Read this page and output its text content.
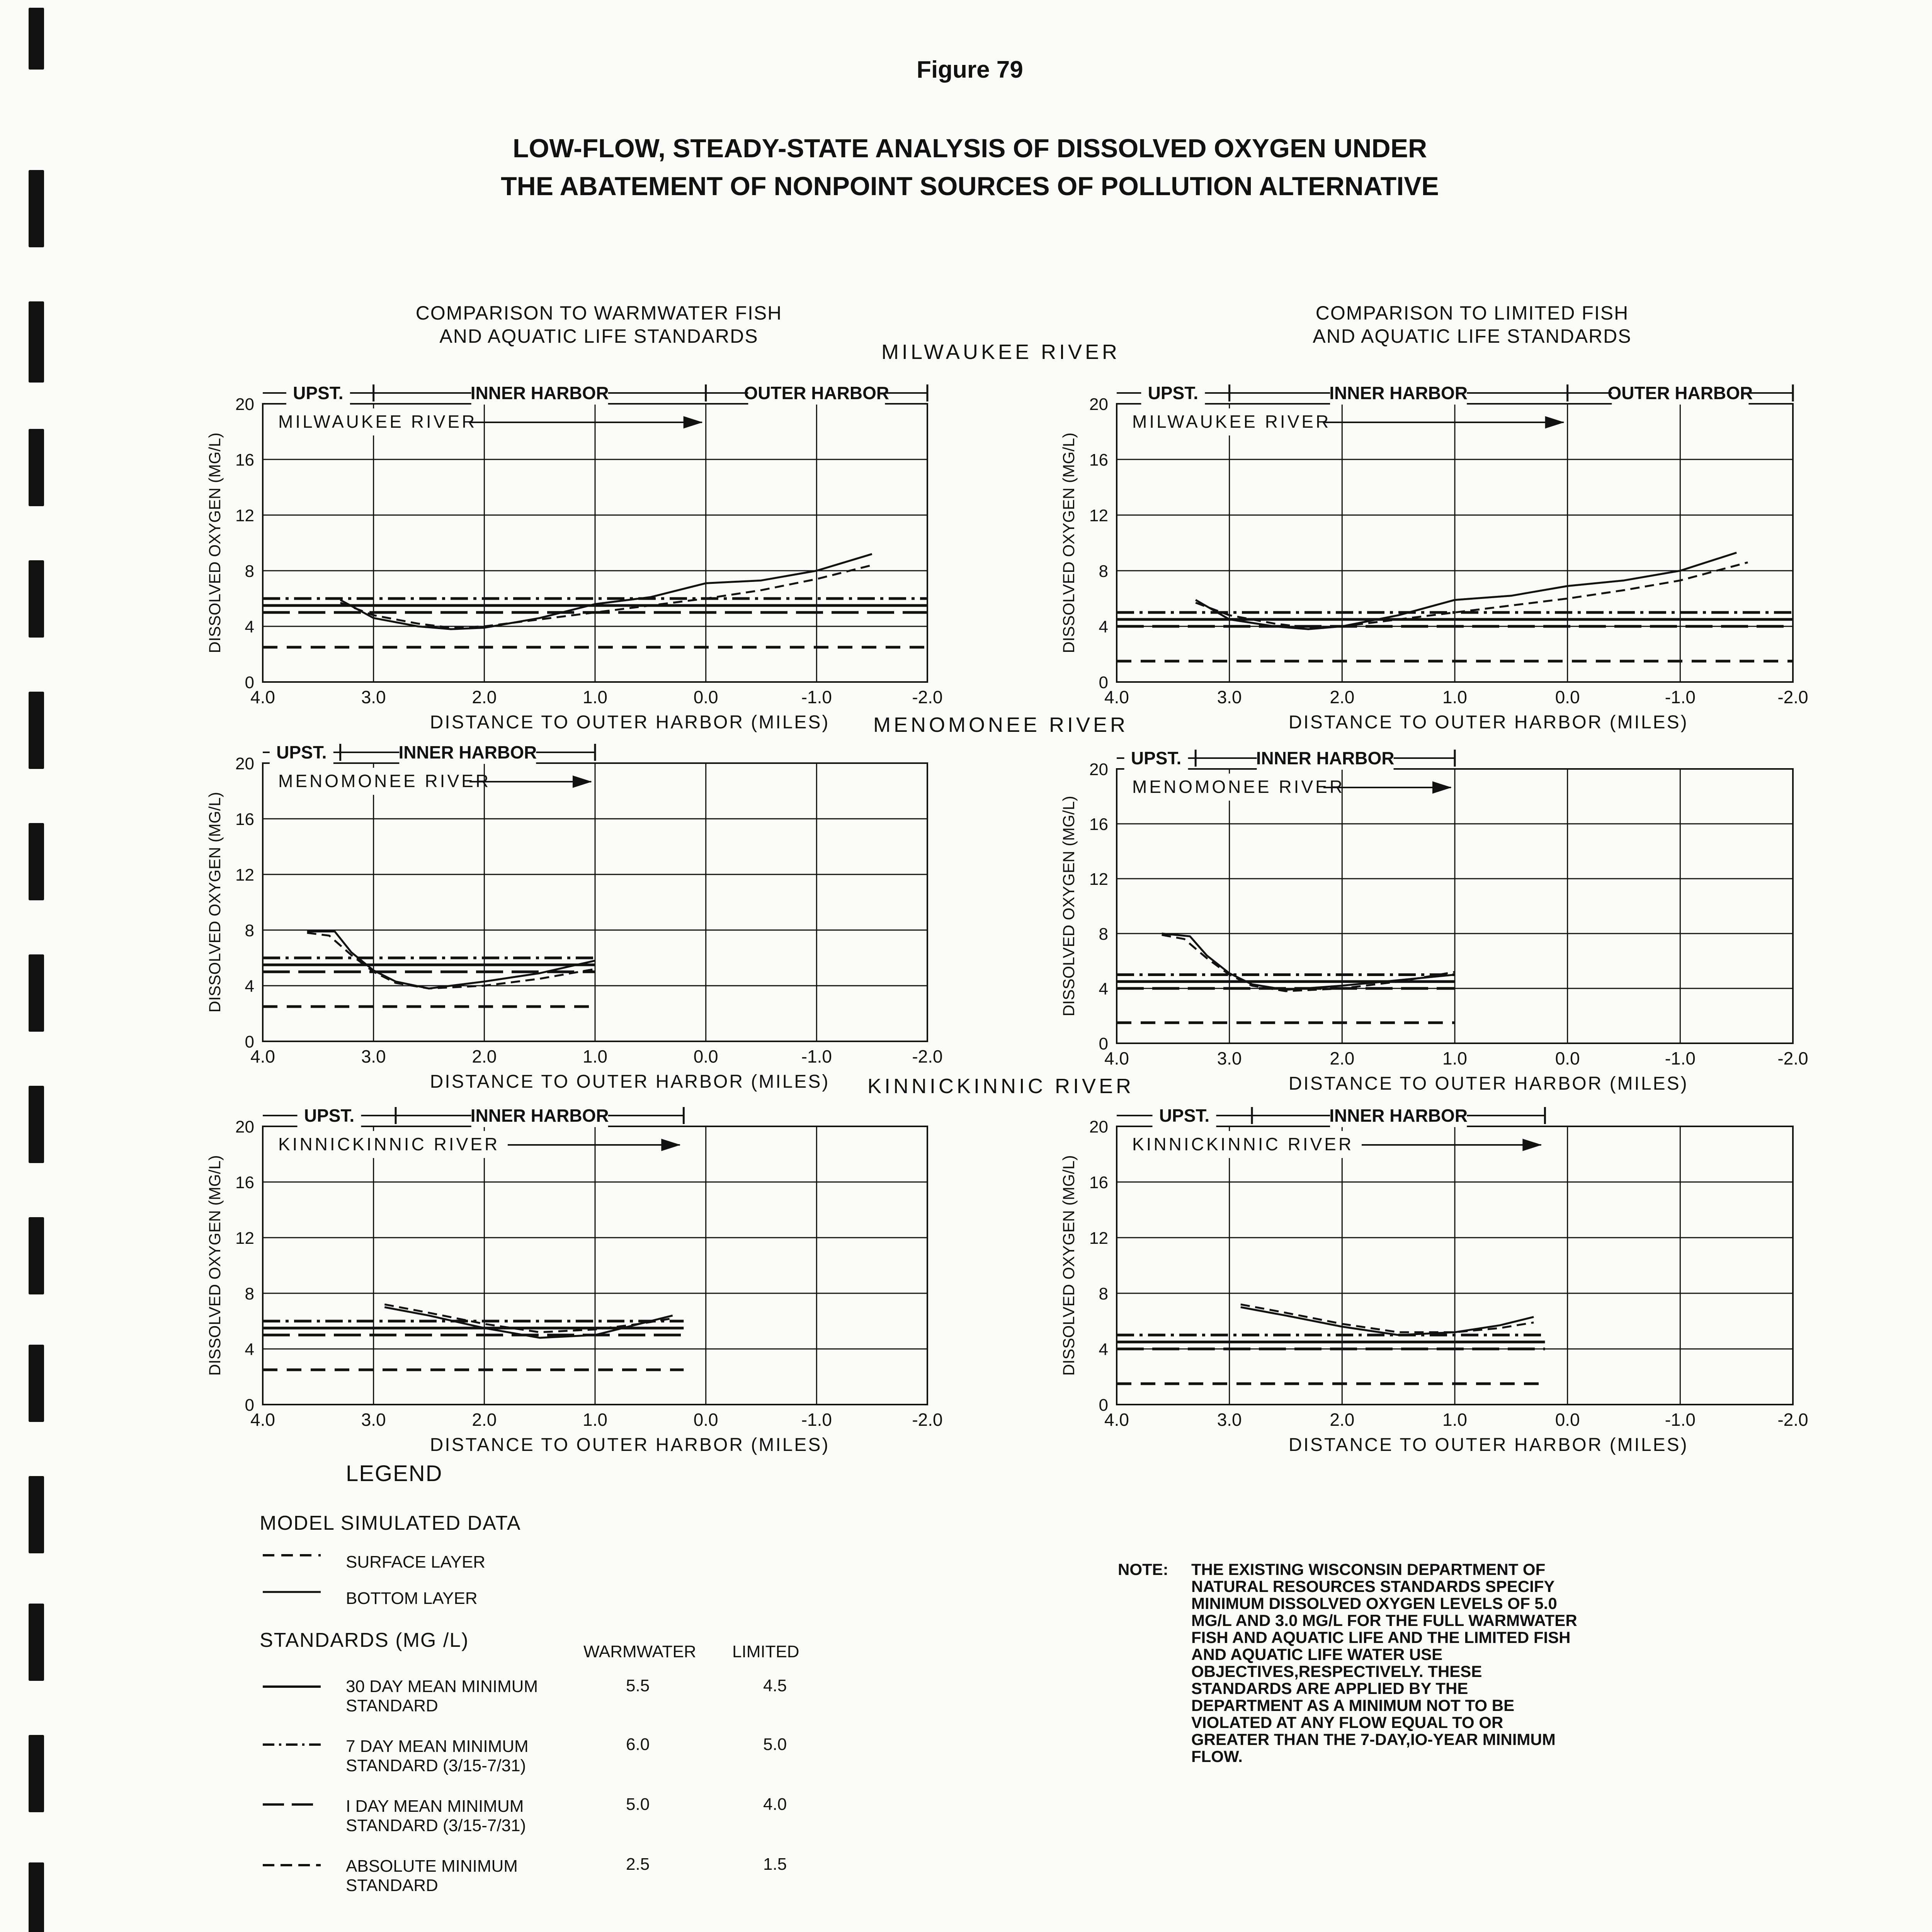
Figure 79
LOW-FLOW, STEADY-STATE ANALYSIS OF DISSOLVED OXYGEN UNDER
THE ABATEMENT OF NONPOINT SOURCES OF POLLUTION ALTERNATIVE
COMPARISON TO WARMWATER FISH
AND AQUATIC LIFE STANDARDS
COMPARISON TO LIMITED FISH
AND AQUATIC LIFE STANDARDS
MILWAUKEE RIVER
MENOMONEE RIVER
KINNICKINNIC RIVER
4.0	3.0	2.0	1.0	0.0	-1.0	-2.0
0
4
8
12
16
20
DISSOLVED OXYGEN (MG/L)
DISTANCE TO OUTER HARBOR (MILES)
UPST.	INNER HARBOR	OUTER HARBOR
MILWAUKEE RIVER
4.0	3.0	2.0	1.0	0.0	-1.0	-2.0
0
4
8
12
16
20
DISSOLVED OXYGEN (MG/L)
DISTANCE TO OUTER HARBOR (MILES)
UPST.	INNER HARBOR	OUTER HARBOR
MILWAUKEE RIVER
4.0	3.0	2.0	1.0	0.0	-1.0	-2.0
0
4
8
12
16
20
DISSOLVED OXYGEN (MG/L)
DISTANCE TO OUTER HARBOR (MILES)
UPST.	INNER HARBOR
MENOMONEE RIVER
4.0	3.0	2.0	1.0	0.0	-1.0	-2.0
0
4
8
12
16
20
DISSOLVED OXYGEN (MG/L)
DISTANCE TO OUTER HARBOR (MILES)
UPST.	INNER HARBOR
MENOMONEE RIVER
4.0	3.0	2.0	1.0	0.0	-1.0	-2.0
0
4
8
12
16
20
DISSOLVED OXYGEN (MG/L)
DISTANCE TO OUTER HARBOR (MILES)
UPST.	INNER HARBOR
KINNICKINNIC RIVER
4.0	3.0	2.0	1.0	0.0	-1.0	-2.0
0
4
8
12
16
20
DISSOLVED OXYGEN (MG/L)
DISTANCE TO OUTER HARBOR (MILES)
UPST.	INNER HARBOR
KINNICKINNIC RIVER
LEGEND
MODEL SIMULATED DATA
SURFACE LAYER
BOTTOM LAYER
STANDARDS (MG /L)
WARMWATER LIMITED
30 DAY MEAN MINIMUM
STANDARD
5.5	4.5
7 DAY MEAN MINIMUM
STANDARD (3/15-7/31)
6.0	5.0
I DAY MEAN MINIMUM
STANDARD (3/15-7/31)
5.0	4.0
ABSOLUTE MINIMUM
STANDARD
2.5	1.5
NOTE: THE EXISTING WISCONSIN DEPARTMENT OF NATURAL RESOURCES STANDARDS SPECIFY MINIMUM DISSOLVED OXYGEN LEVELS OF 5.0 MG/L AND 3.0 MG/L FOR THE FULL WARMWATER FISH AND AQUATIC LIFE AND THE LIMITED FISH AND AQUATIC LIFE WATER USE OBJECTIVES,RESPECTIVELY. THESE STANDARDS ARE APPLIED BY THE DEPARTMENT AS A MINIMUM NOT TO BE VIOLATED AT ANY FLOW EQUAL TO OR GREATER THAN THE 7-DAY,IO-YEAR MINIMUM FLOW.
